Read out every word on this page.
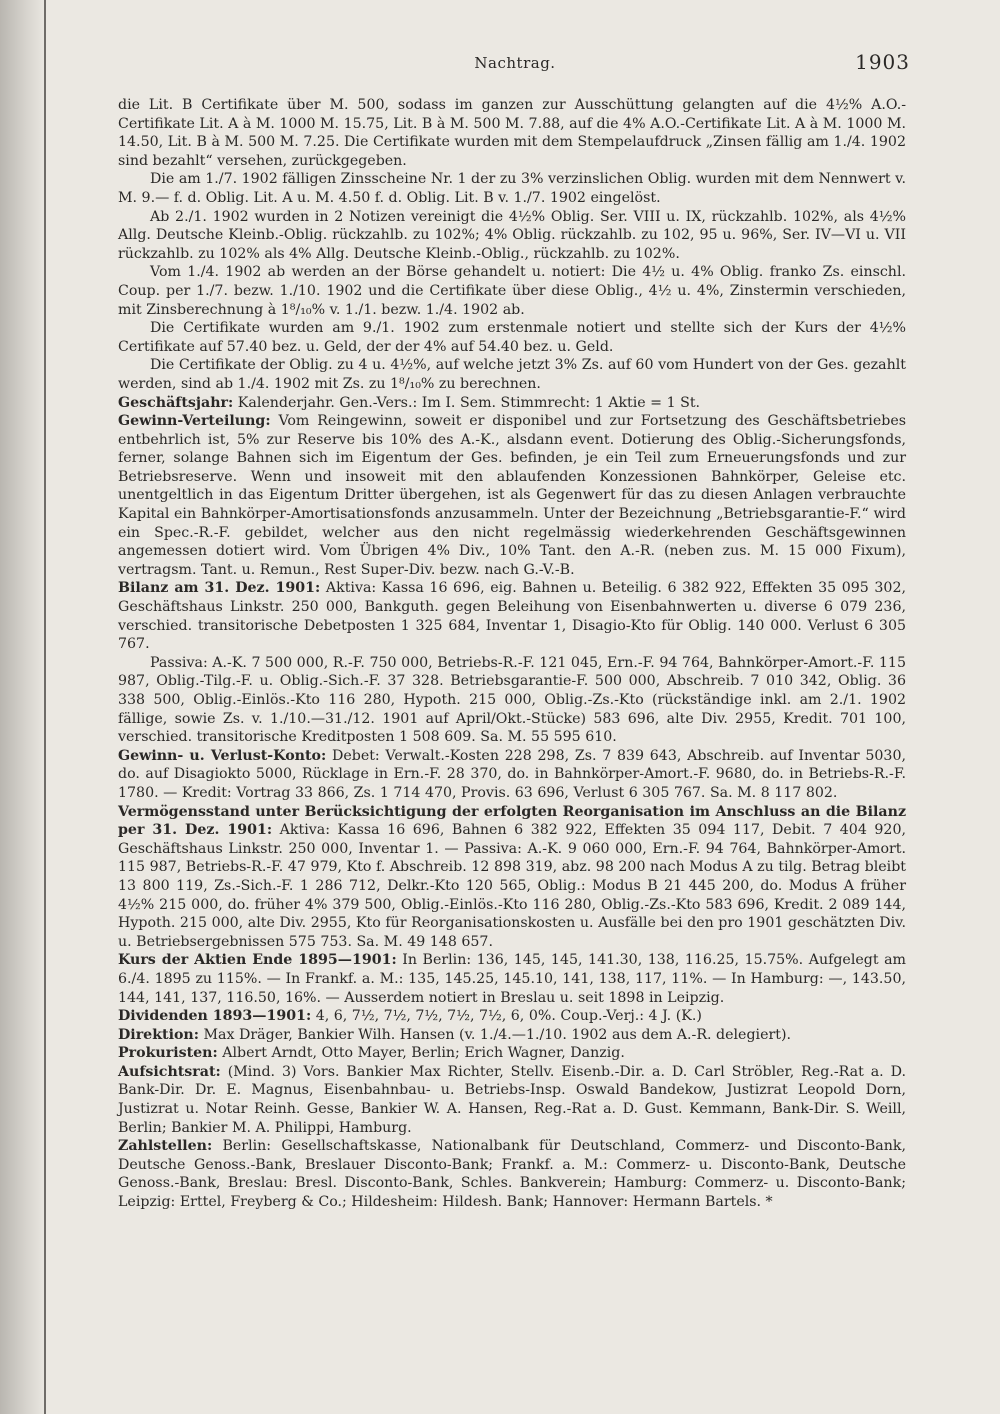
Nachtrag.	1903

die Lit. B Certifikate über M. 500, sodass im ganzen zur Ausschüttung gelangten auf die 4½% A.O.-Certifikate Lit. A à M. 1000 M. 15.75, Lit. B à M. 500 M. 7.88, auf die 4% A.O.-Certifikate Lit. A à M. 1000 M. 14.50, Lit. B à M. 500 M. 7.25. Die Certifikate wurden mit dem Stempelaufdruck „Zinsen fällig am 1./4. 1902 sind bezahlt“ versehen, zurückgegeben.

Die am 1./7. 1902 fälligen Zinsscheine Nr. 1 der zu 3% verzinslichen Oblig. wurden mit dem Nennwert v. M. 9.— f. d. Oblig. Lit. A u. M. 4.50 f. d. Oblig. Lit. B v. 1./7. 1902 eingelöst.

Ab 2./1. 1902 wurden in 2 Notizen vereinigt die 4½% Oblig. Ser. VIII u. IX, rückzahlb. 102%, als 4½% Allg. Deutsche Kleinb.-Oblig. rückzahlb. zu 102%; 4% Oblig. rückzahlb. zu 102, 95 u. 96%, Ser. IV—VI u. VII rückzahlb. zu 102% als 4% Allg. Deutsche Kleinb.-Oblig., rückzahlb. zu 102%.

Vom 1./4. 1902 ab werden an der Börse gehandelt u. notiert: Die 4½ u. 4% Oblig. franko Zs. einschl. Coup. per 1./7. bezw. 1./10. 1902 und die Certifikate über diese Oblig., 4½ u. 4%, Zinstermin verschieden, mit Zinsberechnung à 1⁸/₁₀% v. 1./1. bezw. 1./4. 1902 ab.

Die Certifikate wurden am 9./1. 1902 zum erstenmale notiert und stellte sich der Kurs der 4½% Certifikate auf 57.40 bez. u. Geld, der der 4% auf 54.40 bez. u. Geld.

Die Certifikate der Oblig. zu 4 u. 4½%, auf welche jetzt 3% Zs. auf 60 vom Hundert von der Ges. gezahlt werden, sind ab 1./4. 1902 mit Zs. zu 1⁸/₁₀% zu berechnen.

Geschäftsjahr: Kalenderjahr. Gen.-Vers.: Im I. Sem. Stimmrecht: 1 Aktie = 1 St.

Gewinn-Verteilung: Vom Reingewinn, soweit er disponibel und zur Fortsetzung des Geschäftsbetriebes entbehrlich ist, 5% zur Reserve bis 10% des A.-K., alsdann event. Dotierung des Oblig.-Sicherungsfonds, ferner, solange Bahnen sich im Eigentum der Ges. befinden, je ein Teil zum Erneuerungsfonds und zur Betriebsreserve. Wenn und insoweit mit den ablaufenden Konzessionen Bahnkörper, Geleise etc. unentgeltlich in das Eigentum Dritter übergehen, ist als Gegenwert für das zu diesen Anlagen verbrauchte Kapital ein Bahnkörper-Amortisationsfonds anzusammeln. Unter der Bezeichnung „Betriebsgarantie-F.“ wird ein Spec.-R.-F. gebildet, welcher aus den nicht regelmässig wiederkehrenden Geschäftsgewinnen angemessen dotiert wird. Vom Übrigen 4% Div., 10% Tant. den A.-R. (neben zus. M. 15 000 Fixum), vertragsm. Tant. u. Remun., Rest Super-Div. bezw. nach G.-V.-B.

Bilanz am 31. Dez. 1901: Aktiva: Kassa 16 696, eig. Bahnen u. Beteilig. 6 382 922, Effekten 35 095 302, Geschäftshaus Linkstr. 250 000, Bankguth. gegen Beleihung von Eisenbahnwerten u. diverse 6 079 236, verschied. transitorische Debetposten 1 325 684, Inventar 1, Disagio-Kto für Oblig. 140 000. Verlust 6 305 767.

Passiva: A.-K. 7 500 000, R.-F. 750 000, Betriebs-R.-F. 121 045, Ern.-F. 94 764, Bahnkörper-Amort.-F. 115 987, Oblig.-Tilg.-F. u. Oblig.-Sich.-F. 37 328. Betriebsgarantie-F. 500 000, Abschreib. 7 010 342, Oblig. 36 338 500, Oblig.-Einlös.-Kto 116 280, Hypoth. 215 000, Oblig.-Zs.-Kto (rückständige inkl. am 2./1. 1902 fällige, sowie Zs. v. 1./10.—31./12. 1901 auf April/Okt.-Stücke) 583 696, alte Div. 2955, Kredit. 701 100, verschied. transitorische Kreditposten 1 508 609. Sa. M. 55 595 610.

Gewinn- u. Verlust-Konto: Debet: Verwalt.-Kosten 228 298, Zs. 7 839 643, Abschreib. auf Inventar 5030, do. auf Disagiokto 5000, Rücklage in Ern.-F. 28 370, do. in Bahnkörper-Amort.-F. 9680, do. in Betriebs-R.-F. 1780. — Kredit: Vortrag 33 866, Zs. 1 714 470, Provis. 63 696, Verlust 6 305 767. Sa. M. 8 117 802.

Vermögensstand unter Berücksichtigung der erfolgten Reorganisation im Anschluss an die Bilanz per 31. Dez. 1901: Aktiva: Kassa 16 696, Bahnen 6 382 922, Effekten 35 094 117, Debit. 7 404 920, Geschäftshaus Linkstr. 250 000, Inventar 1. — Passiva: A.-K. 9 060 000, Ern.-F. 94 764, Bahnkörper-Amort. 115 987, Betriebs-R.-F. 47 979, Kto f. Abschreib. 12 898 319, abz. 98 200 nach Modus A zu tilg. Betrag bleibt 13 800 119, Zs.-Sich.-F. 1 286 712, Delkr.-Kto 120 565, Oblig.: Modus B 21 445 200, do. Modus A früher 4½% 215 000, do. früher 4% 379 500, Oblig.-Einlös.-Kto 116 280, Oblig.-Zs.-Kto 583 696, Kredit. 2 089 144, Hypoth. 215 000, alte Div. 2955, Kto für Reorganisationskosten u. Ausfälle bei den pro 1901 geschätzten Div. u. Betriebsergebnissen 575 753. Sa. M. 49 148 657.

Kurs der Aktien Ende 1895—1901: In Berlin: 136, 145, 145, 141.30, 138, 116.25, 15.75%. Aufgelegt am 6./4. 1895 zu 115%. — In Frankf. a. M.: 135, 145.25, 145.10, 141, 138, 117, 11%. — In Hamburg: —, 143.50, 144, 141, 137, 116.50, 16%. — Ausserdem notiert in Breslau u. seit 1898 in Leipzig.

Dividenden 1893—1901: 4, 6, 7½, 7½, 7½, 7½, 7½, 6, 0%. Coup.-Verj.: 4 J. (K.)

Direktion: Max Dräger, Bankier Wilh. Hansen (v. 1./4.—1./10. 1902 aus dem A.-R. delegiert).

Prokuristen: Albert Arndt, Otto Mayer, Berlin; Erich Wagner, Danzig.

Aufsichtsrat: (Mind. 3) Vors. Bankier Max Richter, Stellv. Eisenb.-Dir. a. D. Carl Ströbler, Reg.-Rat a. D. Bank-Dir. Dr. E. Magnus, Eisenbahnbau- u. Betriebs-Insp. Oswald Bandekow, Justizrat Leopold Dorn, Justizrat u. Notar Reinh. Gesse, Bankier W. A. Hansen, Reg.-Rat a. D. Gust. Kemmann, Bank-Dir. S. Weill, Berlin; Bankier M. A. Philippi, Hamburg.

Zahlstellen: Berlin: Gesellschaftskasse, Nationalbank für Deutschland, Commerz- und Disconto-Bank, Deutsche Genoss.-Bank, Breslauer Disconto-Bank; Frankf. a. M.: Commerz- u. Disconto-Bank, Deutsche Genoss.-Bank, Breslau: Bresl. Disconto-Bank, Schles. Bankverein; Hamburg: Commerz- u. Disconto-Bank; Leipzig: Erttel, Freyberg & Co.; Hildesheim: Hildesh. Bank; Hannover: Hermann Bartels. *
